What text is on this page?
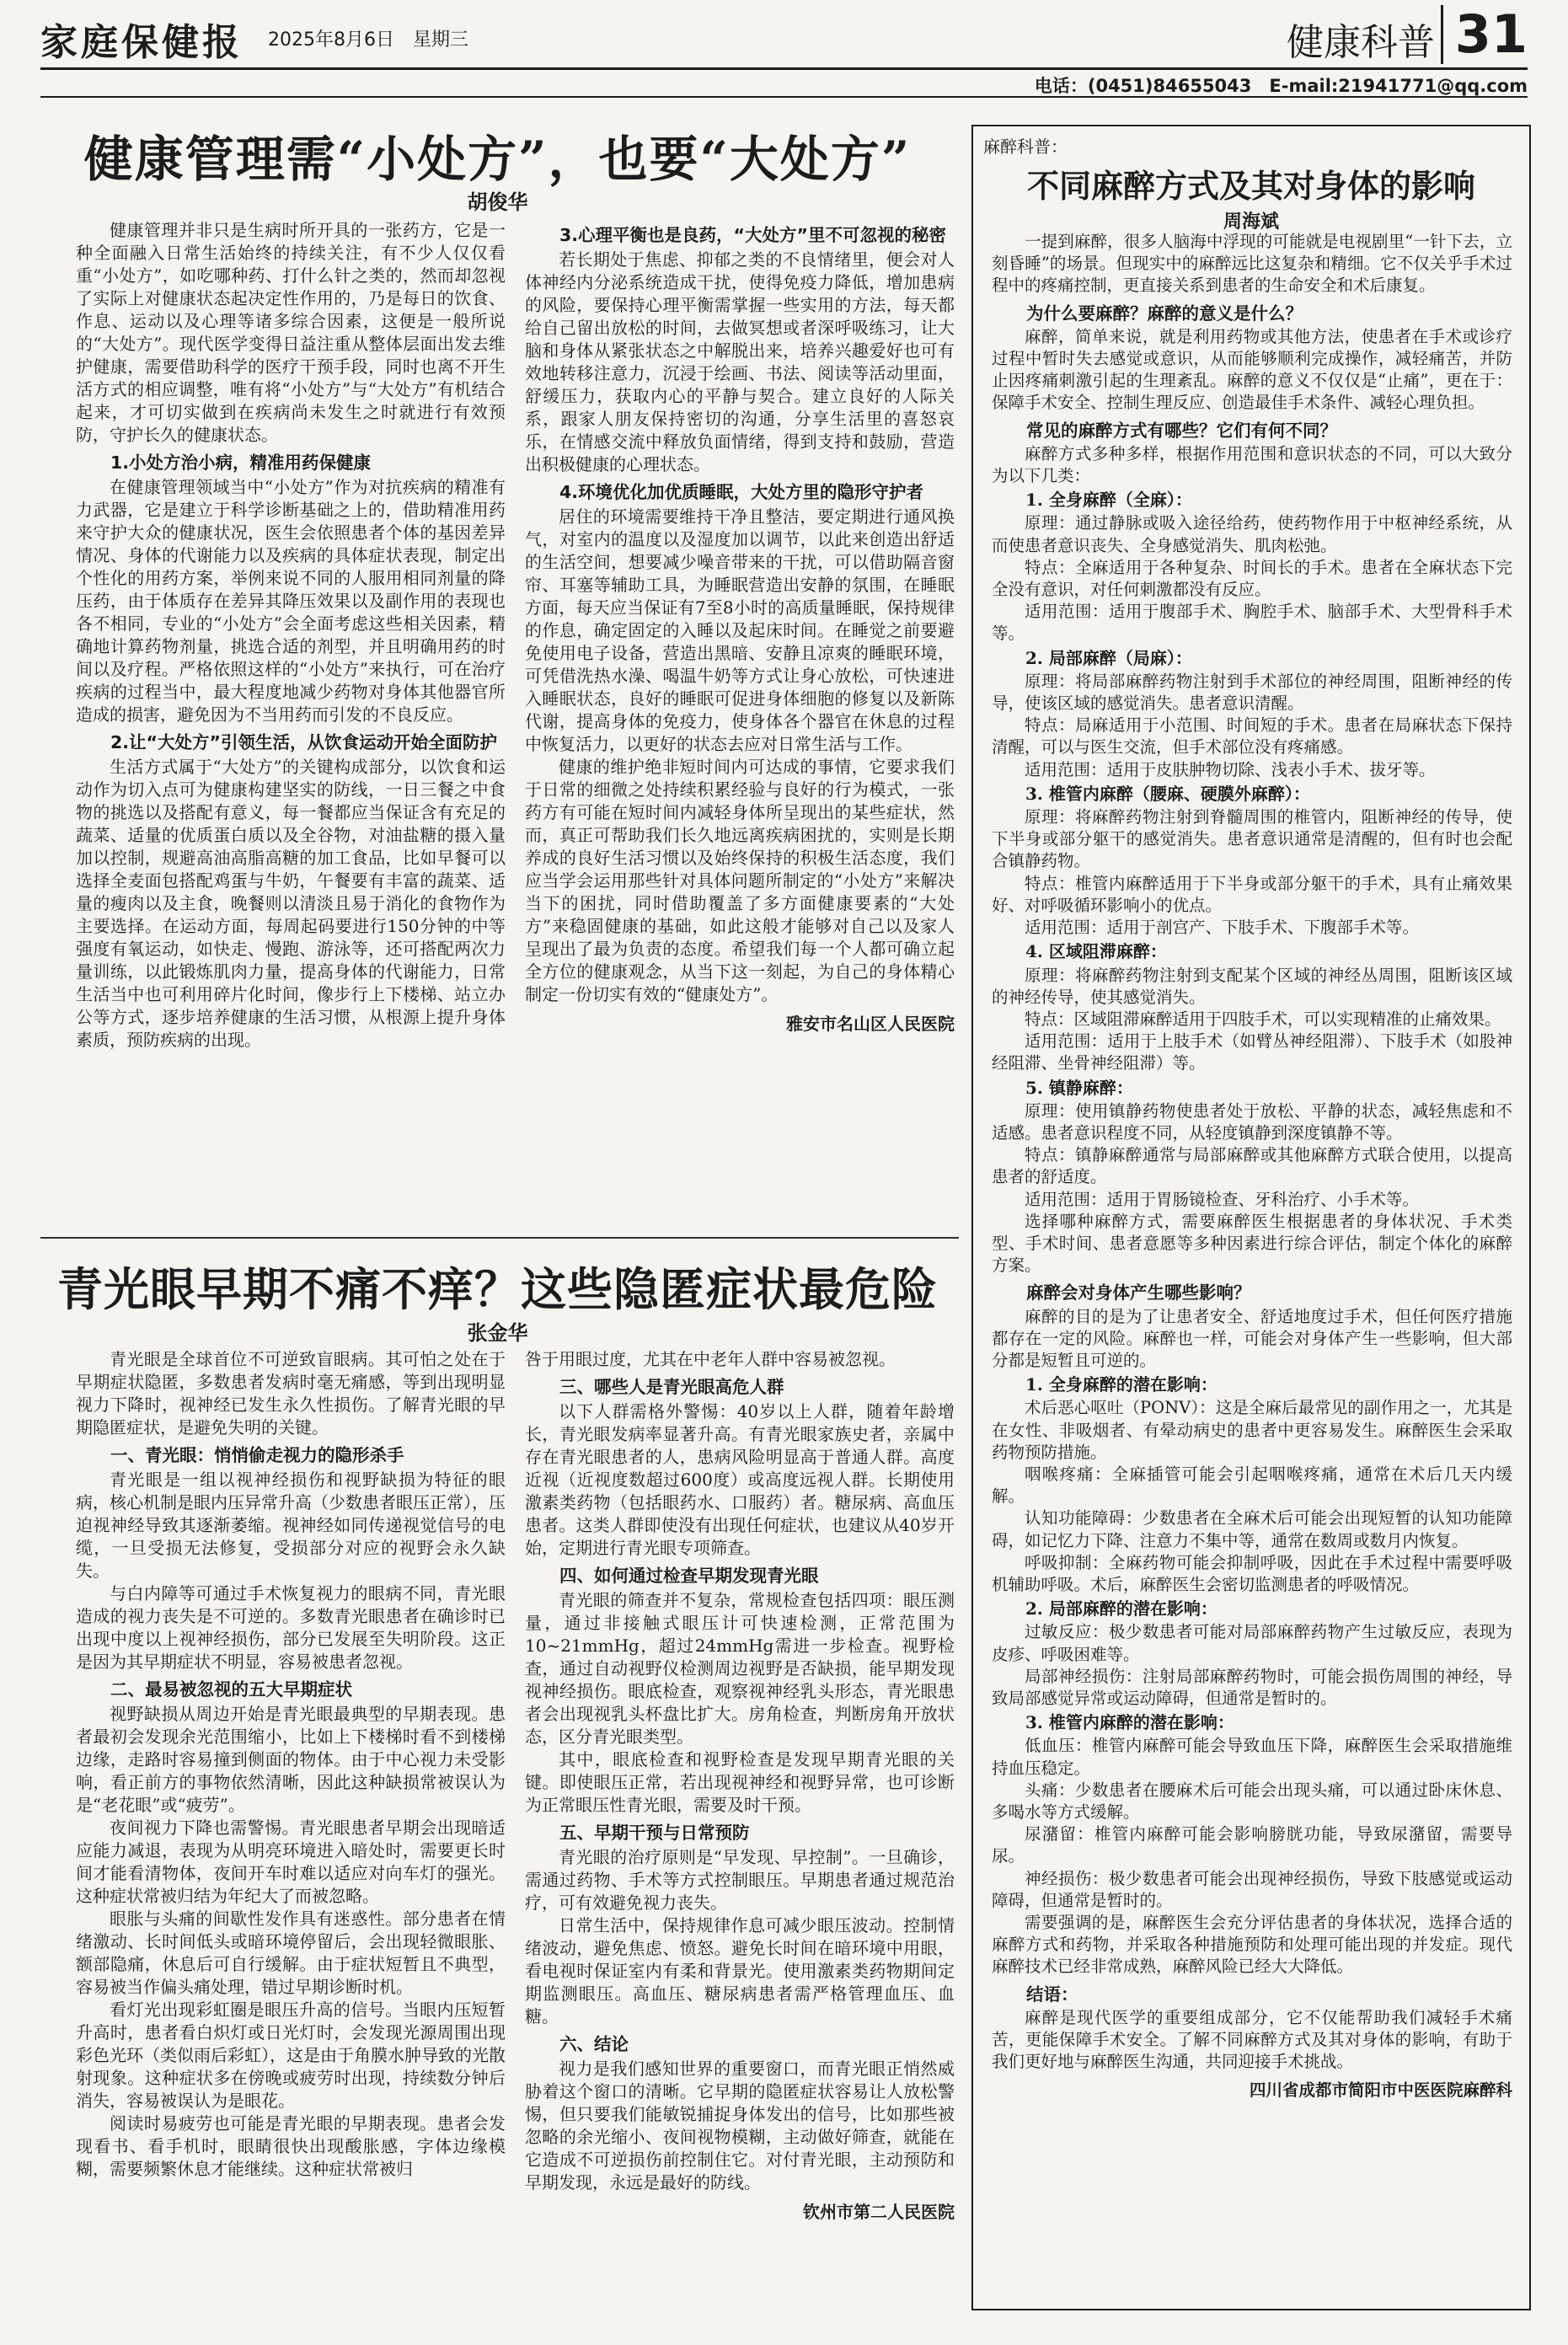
家庭保健报 2025年8月6日　星期三	健康科普 31
电话：(0451)84655043　E-mail:21941771@qq.com
健康管理需“小处方”，也要“大处方”
胡俊华

健康管理并非只是生病时所开具的一张药方，它是一种全面融入日常生活始终的持续关注，有不少人仅仅看重“小处方”，如吃哪种药、打什么针之类的，然而却忽视了实际上对健康状态起决定性作用的，乃是每日的饮食、作息、运动以及心理等诸多综合因素，这便是一般所说的“大处方”。现代医学变得日益注重从整体层面出发去维护健康，需要借助科学的医疗干预手段，同时也离不开生活方式的相应调整，唯有将“小处方”与“大处方”有机结合起来，才可切实做到在疾病尚未发生之时就进行有效预防，守护长久的健康状态。

1.小处方治小病，精准用药保健康

在健康管理领域当中“小处方”作为对抗疾病的精准有力武器，它是建立于科学诊断基础之上的，借助精准用药来守护大众的健康状况，医生会依照患者个体的基因差异情况、身体的代谢能力以及疾病的具体症状表现，制定出个性化的用药方案，举例来说不同的人服用相同剂量的降压药，由于体质存在差异其降压效果以及副作用的表现也各不相同，专业的“小处方”会全面考虑这些相关因素，精确地计算药物剂量，挑选合适的剂型，并且明确用药的时间以及疗程。严格依照这样的“小处方”来执行，可在治疗疾病的过程当中，最大程度地减少药物对身体其他器官所造成的损害，避免因为不当用药而引发的不良反应。

2.让“大处方”引领生活，从饮食运动开始全面防护

生活方式属于“大处方”的关键构成部分，以饮食和运动作为切入点可为健康构建坚实的防线，一日三餐之中食物的挑选以及搭配有意义，每一餐都应当保证含有充足的蔬菜、适量的优质蛋白质以及全谷物，对油盐糖的摄入量加以控制，规避高油高脂高糖的加工食品，比如早餐可以选择全麦面包搭配鸡蛋与牛奶，午餐要有丰富的蔬菜、适量的瘦肉以及主食，晚餐则以清淡且易于消化的食物作为主要选择。在运动方面，每周起码要进行150分钟的中等强度有氧运动，如快走、慢跑、游泳等，还可搭配两次力量训练，以此锻炼肌肉力量，提高身体的代谢能力，日常生活当中也可利用碎片化时间，像步行上下楼梯、站立办公等方式，逐步培养健康的生活习惯，从根源上提升身体素质，预防疾病的出现。

3.心理平衡也是良药，“大处方”里不可忽视的秘密

若长期处于焦虑、抑郁之类的不良情绪里，便会对人体神经内分泌系统造成干扰，使得免疫力降低，增加患病的风险，要保持心理平衡需掌握一些实用的方法，每天都给自己留出放松的时间，去做冥想或者深呼吸练习，让大脑和身体从紧张状态之中解脱出来，培养兴趣爱好也可有效地转移注意力，沉浸于绘画、书法、阅读等活动里面，舒缓压力，获取内心的平静与契合。建立良好的人际关系，跟家人朋友保持密切的沟通，分享生活里的喜怒哀乐，在情感交流中释放负面情绪，得到支持和鼓励，营造出积极健康的心理状态。

4.环境优化加优质睡眠，大处方里的隐形守护者

居住的环境需要维持干净且整洁，要定期进行通风换气，对室内的温度以及湿度加以调节，以此来创造出舒适的生活空间，想要减少噪音带来的干扰，可以借助隔音窗帘、耳塞等辅助工具，为睡眠营造出安静的氛围，在睡眠方面，每天应当保证有7至8小时的高质量睡眠，保持规律的作息，确定固定的入睡以及起床时间。在睡觉之前要避免使用电子设备，营造出黑暗、安静且凉爽的睡眠环境，可凭借洗热水澡、喝温牛奶等方式让身心放松，可快速进入睡眠状态，良好的睡眠可促进身体细胞的修复以及新陈代谢，提高身体的免疫力，使身体各个器官在休息的过程中恢复活力，以更好的状态去应对日常生活与工作。

健康的维护绝非短时间内可达成的事情，它要求我们于日常的细微之处持续积累经验与良好的行为模式，一张药方有可能在短时间内减轻身体所呈现出的某些症状，然而，真正可帮助我们长久地远离疾病困扰的，实则是长期养成的良好生活习惯以及始终保持的积极生活态度，我们应当学会运用那些针对具体问题所制定的“小处方”来解决当下的困扰，同时借助覆盖了多方面健康要素的“大处方”来稳固健康的基础，如此这般才能够对自己以及家人呈现出了最为负责的态度。希望我们每一个人都可确立起全方位的健康观念，从当下这一刻起，为自己的身体精心制定一份切实有效的“健康处方”。

雅安市名山区人民医院

青光眼早期不痛不痒？这些隐匿症状最危险
张金华

青光眼是全球首位不可逆致盲眼病。其可怕之处在于早期症状隐匿，多数患者发病时毫无痛感，等到出现明显视力下降时，视神经已发生永久性损伤。了解青光眼的早期隐匿症状，是避免失明的关键。

一、青光眼：悄悄偷走视力的隐形杀手

青光眼是一组以视神经损伤和视野缺损为特征的眼病，核心机制是眼内压异常升高（少数患者眼压正常），压迫视神经导致其逐渐萎缩。视神经如同传递视觉信号的电缆，一旦受损无法修复，受损部分对应的视野会永久缺失。

与白内障等可通过手术恢复视力的眼病不同，青光眼造成的视力丧失是不可逆的。多数青光眼患者在确诊时已出现中度以上视神经损伤，部分已发展至失明阶段。这正是因为其早期症状不明显，容易被患者忽视。

二、最易被忽视的五大早期症状

视野缺损从周边开始是青光眼最典型的早期表现。患者最初会发现余光范围缩小，比如上下楼梯时看不到楼梯边缘，走路时容易撞到侧面的物体。由于中心视力未受影响，看正前方的事物依然清晰，因此这种缺损常被误认为是“老花眼”或“疲劳”。

夜间视力下降也需警惕。青光眼患者早期会出现暗适应能力减退，表现为从明亮环境进入暗处时，需要更长时间才能看清物体，夜间开车时难以适应对向车灯的强光。这种症状常被归结为年纪大了而被忽略。

眼胀与头痛的间歇性发作具有迷惑性。部分患者在情绪激动、长时间低头或暗环境停留后，会出现轻微眼胀、额部隐痛，休息后可自行缓解。由于症状短暂且不典型，容易被当作偏头痛处理，错过早期诊断时机。

看灯光出现彩虹圈是眼压升高的信号。当眼内压短暂升高时，患者看白炽灯或日光灯时，会发现光源周围出现彩色光环（类似雨后彩虹），这是由于角膜水肿导致的光散射现象。这种症状多在傍晚或疲劳时出现，持续数分钟后消失，容易被误认为是眼花。

阅读时易疲劳也可能是青光眼的早期表现。患者会发现看书、看手机时，眼睛很快出现酸胀感，字体边缘模糊，需要频繁休息才能继续。这种症状常被归

咎于用眼过度，尤其在中老年人群中容易被忽视。

三、哪些人是青光眼高危人群

以下人群需格外警惕：40岁以上人群，随着年龄增长，青光眼发病率显著升高。有青光眼家族史者，亲属中存在青光眼患者的人，患病风险明显高于普通人群。高度近视（近视度数超过600度）或高度远视人群。长期使用激素类药物（包括眼药水、口服药）者。糖尿病、高血压患者。这类人群即使没有出现任何症状，也建议从40岁开始，定期进行青光眼专项筛查。

四、如何通过检查早期发现青光眼

青光眼的筛查并不复杂，常规检查包括四项：眼压测量，通过非接触式眼压计可快速检测，正常范围为10~21mmHg，超过24mmHg需进一步检查。视野检查，通过自动视野仪检测周边视野是否缺损，能早期发现视神经损伤。眼底检查，观察视神经乳头形态，青光眼患者会出现视乳头杯盘比扩大。房角检查，判断房角开放状态，区分青光眼类型。

其中，眼底检查和视野检查是发现早期青光眼的关键。即使眼压正常，若出现视神经和视野异常，也可诊断为正常眼压性青光眼，需要及时干预。

五、早期干预与日常预防

青光眼的治疗原则是“早发现、早控制”。一旦确诊，需通过药物、手术等方式控制眼压。早期患者通过规范治疗，可有效避免视力丧失。

日常生活中，保持规律作息可减少眼压波动。控制情绪波动，避免焦虑、愤怒。避免长时间在暗环境中用眼，看电视时保证室内有柔和背景光。使用激素类药物期间定期监测眼压。高血压、糖尿病患者需严格管理血压、血糖。

六、结论

视力是我们感知世界的重要窗口，而青光眼正悄然威胁着这个窗口的清晰。它早期的隐匿症状容易让人放松警惕，但只要我们能敏锐捕捉身体发出的信号，比如那些被忽略的余光缩小、夜间视物模糊，主动做好筛查，就能在它造成不可逆损伤前控制住它。对付青光眼，主动预防和早期发现，永远是最好的防线。

钦州市第二人民医院

麻醉科普：
不同麻醉方式及其对身体的影响
周海斌

一提到麻醉，很多人脑海中浮现的可能就是电视剧里“一针下去，立刻昏睡”的场景。但现实中的麻醉远比这复杂和精细。它不仅关乎手术过程中的疼痛控制，更直接关系到患者的生命安全和术后康复。

为什么要麻醉？麻醉的意义是什么？

麻醉，简单来说，就是利用药物或其他方法，使患者在手术或诊疗过程中暂时失去感觉或意识，从而能够顺利完成操作，减轻痛苦，并防止因疼痛刺激引起的生理紊乱。麻醉的意义不仅仅是“止痛”，更在于：保障手术安全、控制生理反应、创造最佳手术条件、减轻心理负担。

常见的麻醉方式有哪些？它们有何不同？

麻醉方式多种多样，根据作用范围和意识状态的不同，可以大致分为以下几类：

1. 全身麻醉（全麻）：

原理：通过静脉或吸入途径给药，使药物作用于中枢神经系统，从而使患者意识丧失、全身感觉消失、肌肉松弛。

特点：全麻适用于各种复杂、时间长的手术。患者在全麻状态下完全没有意识，对任何刺激都没有反应。

适用范围：适用于腹部手术、胸腔手术、脑部手术、大型骨科手术等。

2. 局部麻醉（局麻）：

原理：将局部麻醉药物注射到手术部位的神经周围，阻断神经的传导，使该区域的感觉消失。患者意识清醒。

特点：局麻适用于小范围、时间短的手术。患者在局麻状态下保持清醒，可以与医生交流，但手术部位没有疼痛感。

适用范围：适用于皮肤肿物切除、浅表小手术、拔牙等。

3. 椎管内麻醉（腰麻、硬膜外麻醉）：

原理：将麻醉药物注射到脊髓周围的椎管内，阻断神经的传导，使下半身或部分躯干的感觉消失。患者意识通常是清醒的，但有时也会配合镇静药物。

特点：椎管内麻醉适用于下半身或部分躯干的手术，具有止痛效果好、对呼吸循环影响小的优点。

适用范围：适用于剖宫产、下肢手术、下腹部手术等。

4. 区域阻滞麻醉：

原理：将麻醉药物注射到支配某个区域的神经丛周围，阻断该区域的神经传导，使其感觉消失。

特点：区域阻滞麻醉适用于四肢手术，可以实现精准的止痛效果。

适用范围：适用于上肢手术（如臂丛神经阻滞）、下肢手术（如股神经阻滞、坐骨神经阻滞）等。

5. 镇静麻醉：

原理：使用镇静药物使患者处于放松、平静的状态，减轻焦虑和不适感。患者意识程度不同，从轻度镇静到深度镇静不等。

特点：镇静麻醉通常与局部麻醉或其他麻醉方式联合使用，以提高患者的舒适度。

适用范围：适用于胃肠镜检查、牙科治疗、小手术等。

选择哪种麻醉方式，需要麻醉医生根据患者的身体状况、手术类型、手术时间、患者意愿等多种因素进行综合评估，制定个体化的麻醉方案。

麻醉会对身体产生哪些影响？

麻醉的目的是为了让患者安全、舒适地度过手术，但任何医疗措施都存在一定的风险。麻醉也一样，可能会对身体产生一些影响，但大部分都是短暂且可逆的。

1. 全身麻醉的潜在影响：

术后恶心呕吐（PONV）：这是全麻后最常见的副作用之一，尤其是在女性、非吸烟者、有晕动病史的患者中更容易发生。麻醉医生会采取药物预防措施。

咽喉疼痛：全麻插管可能会引起咽喉疼痛，通常在术后几天内缓解。

认知功能障碍：少数患者在全麻术后可能会出现短暂的认知功能障碍，如记忆力下降、注意力不集中等，通常在数周或数月内恢复。

呼吸抑制：全麻药物可能会抑制呼吸，因此在手术过程中需要呼吸机辅助呼吸。术后，麻醉医生会密切监测患者的呼吸情况。

2. 局部麻醉的潜在影响：

过敏反应：极少数患者可能对局部麻醉药物产生过敏反应，表现为皮疹、呼吸困难等。

局部神经损伤：注射局部麻醉药物时，可能会损伤周围的神经，导致局部感觉异常或运动障碍，但通常是暂时的。

3. 椎管内麻醉的潜在影响：

低血压：椎管内麻醉可能会导致血压下降，麻醉医生会采取措施维持血压稳定。

头痛：少数患者在腰麻术后可能会出现头痛，可以通过卧床休息、多喝水等方式缓解。

尿潴留：椎管内麻醉可能会影响膀胱功能，导致尿潴留，需要导尿。

神经损伤：极少数患者可能会出现神经损伤，导致下肢感觉或运动障碍，但通常是暂时的。

需要强调的是，麻醉医生会充分评估患者的身体状况，选择合适的麻醉方式和药物，并采取各种措施预防和处理可能出现的并发症。现代麻醉技术已经非常成熟，麻醉风险已经大大降低。

结语：

麻醉是现代医学的重要组成部分，它不仅能帮助我们减轻手术痛苦，更能保障手术安全。了解不同麻醉方式及其对身体的影响，有助于我们更好地与麻醉医生沟通，共同迎接手术挑战。

四川省成都市简阳市中医医院麻醉科
